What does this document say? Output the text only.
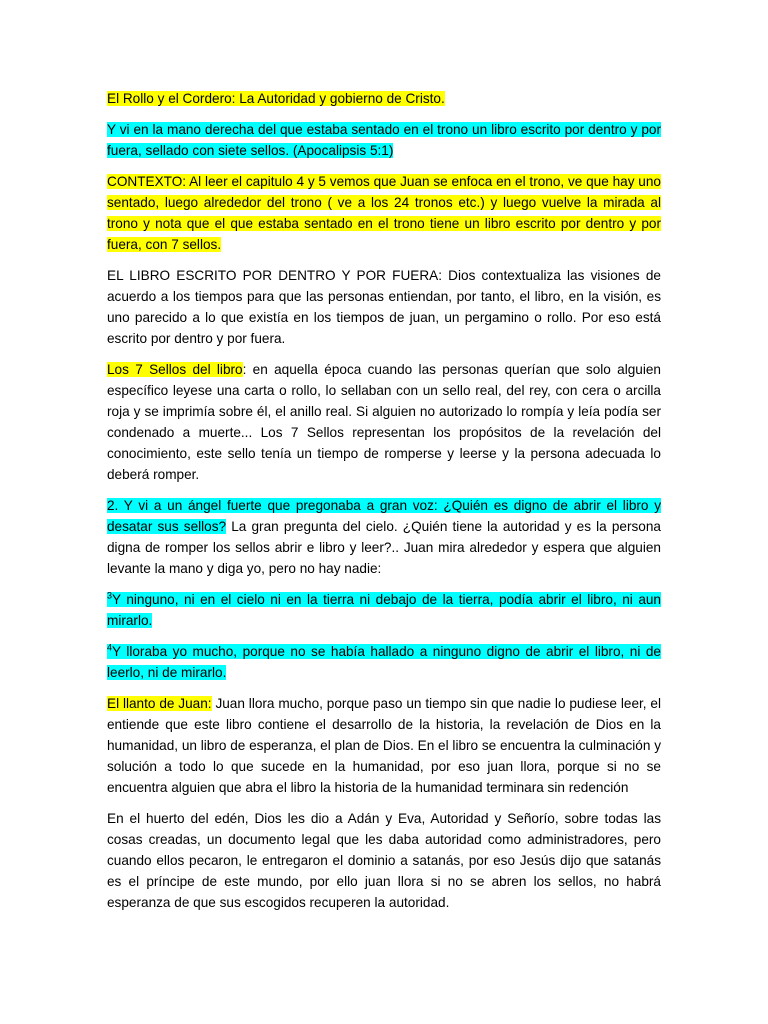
El Rollo y el Cordero: La Autoridad y gobierno de Cristo.

Y vi en la mano derecha del que estaba sentado en el trono un libro escrito por dentro y por fuera, sellado con siete sellos. (Apocalipsis 5:1)

CONTEXTO: Al leer el capitulo 4 y 5 vemos que Juan se enfoca en el trono, ve que hay uno sentado, luego alrededor del trono ( ve a los 24 tronos etc.) y luego vuelve la mirada al trono y nota que el que estaba sentado en el trono tiene un libro escrito por dentro y por fuera, con 7 sellos.

EL LIBRO ESCRITO POR DENTRO Y POR FUERA: Dios contextualiza las visiones de acuerdo a los tiempos para que las personas entiendan, por tanto, el libro, en la visión, es uno parecido a lo que existía en los tiempos de juan, un pergamino o rollo. Por eso está escrito por dentro y por fuera.

Los 7 Sellos del libro: en aquella época cuando las personas querían que solo alguien específico leyese una carta o rollo, lo sellaban con un sello real, del rey, con cera o arcilla roja y se imprimía sobre él, el anillo real. Si alguien no autorizado lo rompía y leía podía ser condenado a muerte... Los 7 Sellos representan los propósitos de la revelación del conocimiento, este sello tenía un tiempo de romperse y leerse y la persona adecuada lo deberá romper.

2. Y vi a un ángel fuerte que pregonaba a gran voz: ¿Quién es digno de abrir el libro y desatar sus sellos? La gran pregunta del cielo. ¿Quién tiene la autoridad y es la persona digna de romper los sellos abrir e libro y leer?.. Juan mira alrededor y espera que alguien levante la mano y diga yo, pero no hay nadie:

$^3$Y ninguno, ni en el cielo ni en la tierra ni debajo de la tierra, podía abrir el libro, ni aun mirarlo.

$^4$Y lloraba yo mucho, porque no se había hallado a ninguno digno de abrir el libro, ni de leerlo, ni de mirarlo.

El llanto de Juan: Juan llora mucho, porque paso un tiempo sin que nadie lo pudiese leer, el entiende que este libro contiene el desarrollo de la historia, la revelación de Dios en la humanidad, un libro de esperanza, el plan de Dios. En el libro se encuentra la culminación y solución a todo lo que sucede en la humanidad, por eso juan llora, porque si no se encuentra alguien que abra el libro la historia de la humanidad terminara sin redención

En el huerto del edén, Dios les dio a Adán y Eva, Autoridad y Señorío, sobre todas las cosas creadas, un documento legal que les daba autoridad como administradores, pero cuando ellos pecaron, le entregaron el dominio a satanás, por eso Jesús dijo que satanás es el príncipe de este mundo, por ello juan llora si no se abren los sellos, no habrá esperanza de que sus escogidos recuperen la autoridad.
